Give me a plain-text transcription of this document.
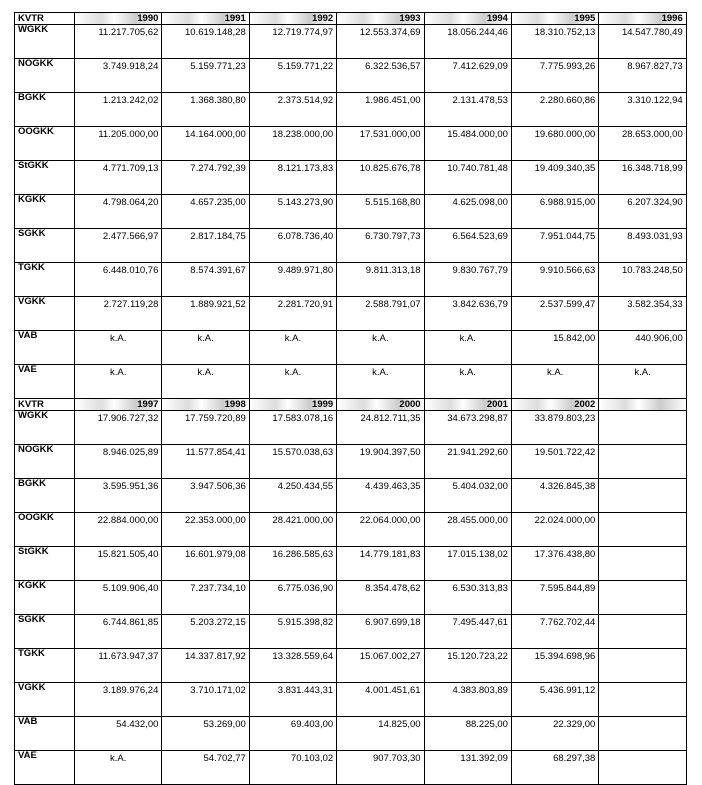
KVTR	1990	1991	1992	1993	1994	1995	1996
WGKK	11.217.705,62	10.619.148,28	12.719.774,97	12.553.374,69	18.056.244,46	18.310.752,13	14.547.780,49
NOGKK	3.749.918,24	5.159.771,23	5.159.771,22	6.322.536,57	7.412.629,09	7.775.993,26	8.967.827,73
BGKK	1.213.242,02	1.368.380,80	2.373.514,92	1.986.451,00	2.131.478,53	2.280.660,86	3.310.122,94
OOGKK	11.205.000,00	14.164.000,00	18.238.000,00	17.531.000,00	15.484.000,00	19.680.000,00	28.653.000,00
StGKK	4.771.709,13	7.274.792,39	8.121.173,83	10.825.676,78	10.740.781,48	19.409.340,35	16.348.718,99
KGKK	4.798.064,20	4.657.235,00	5.143.273,90	5.515.168,80	4.625.098,00	6.988.915,00	6.207.324,90
SGKK	2.477.566,97	2.817.184,75	6.078.736,40	6.730.797,73	6.564.523,69	7.951.044,75	8.493.031,93
TGKK	6.448.010,76	8.574.391,67	9.489.971,80	9.811.313,18	9.830.767,79	9.910.566,63	10.783.248,50
VGKK	2.727.119,28	1.889.921,52	2.281.720,91	2.588.791,07	3.842.636,79	2.537.599,47	3.582.354,33
VAB	k.A.	k.A.	k.A.	k.A.	k.A.	15.842,00	440.906,00
VAE	k.A.	k.A.	k.A.	k.A.	k.A.	k.A.	k.A.
KVTR	1997	1998	1999	2000	2001	2002	
WGKK	17.906.727,32	17.759.720,89	17.583.078,16	24.812.711,35	34.673.298,87	33.879.803,23	
NOGKK	8.946.025,89	11.577.854,41	15.570.038,63	19.904.397,50	21.941.292,60	19.501.722,42	
BGKK	3.595.951,36	3.947.506,36	4.250.434,55	4.439.463,35	5.404.032,00	4.326.845,38	
OOGKK	22.884.000,00	22.353.000,00	28.421.000,00	22.064.000,00	28.455.000,00	22.024.000,00	
StGKK	15.821.505,40	16.601.979,08	16.286.585,63	14.779.181,83	17.015.138,02	17.376.438,80	
KGKK	5.109.906,40	7.237.734,10	6.775.036,90	8.354.478,62	6.530.313,83	7.595.844,89	
SGKK	6.744.861,85	5.203.272,15	5.915.398,82	6.907.699,18	7.495.447,61	7.762.702,44	
TGKK	11.673.947,37	14.337.817,92	13.328.559,64	15.067.002,27	15.120.723,22	15.394.698,96	
VGKK	3.189.976,24	3.710.171,02	3.831.443,31	4.001.451,61	4.383.803,89	5.436.991,12	
VAB	54.432,00	53.269,00	69.403,00	14.825,00	88.225,00	22.329,00	
VAE	k.A.	54.702,77	70.103,02	907.703,30	131.392,09	68.297,38	
